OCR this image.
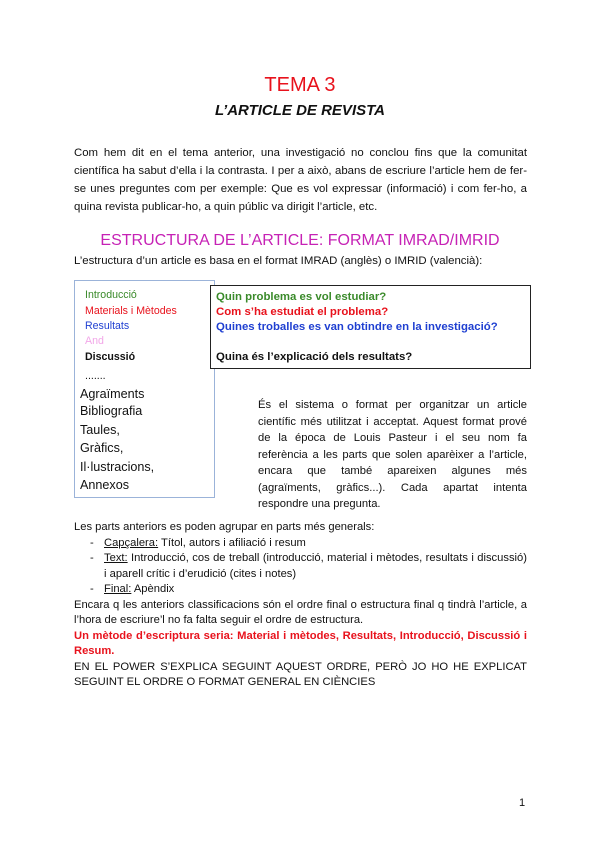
TEMA 3
L’ARTICLE DE REVISTA
Com hem dit en el tema anterior, una investigació no conclou fins que la comunitat científica ha sabut d’ella i la contrasta. I per a això, abans de escriure l’article hem de fer-se unes preguntes com per exemple: Que es vol expressar (informació) i com fer-ho, a quina revista publicar-ho, a quin públic va dirigit l’article, etc.
ESTRUCTURA DE L’ARTICLE: FORMAT IMRAD/IMRID
L’estructura d’un article es basa en el format IMRAD (anglès) o IMRID (valencià):
Introducció
Materials i Mètodes
Resultats
And
Discussió
.......
Agraïments
Bibliografia
Taules,
Gràfics,
Il·lustracions,
Annexos
Quin problema es vol estudiar?
Com s’ha estudiat el problema?
Quines troballes es van obtindre en la investigació?
Quina és l’explicació dels resultats?
És el sistema o format per organitzar un article científic més utilitzat i acceptat. Aquest format prové de la época de Louis Pasteur i el seu nom fa referència a les parts que solen aparèixer a l’article, encara que també apareixen algunes més (agraïments, gràfics...). Cada apartat intenta respondre una pregunta.
Les parts anteriors es poden agrupar en parts més generals:
- Capçalera: Títol, autors i afiliació i resum
- Text: Introducció, cos de treball (introducció, material i mètodes, resultats i discussió) i aparell crític i d’erudició (cites i notes)
- Final: Apèndix
Encara q les anteriors classificacions són el ordre final o estructura final q tindrà l’article, a l’hora de escriure’l no fa falta seguir el ordre de estructura.
Un mètode d’escriptura seria: Material i mètodes, Resultats, Introducció, Discussió i Resum.
EN EL POWER S’EXPLICA SEGUINT AQUEST ORDRE, PERÒ JO HO HE EXPLICAT SEGUINT EL ORDRE O FORMAT GENERAL EN CIÈNCIES
1
